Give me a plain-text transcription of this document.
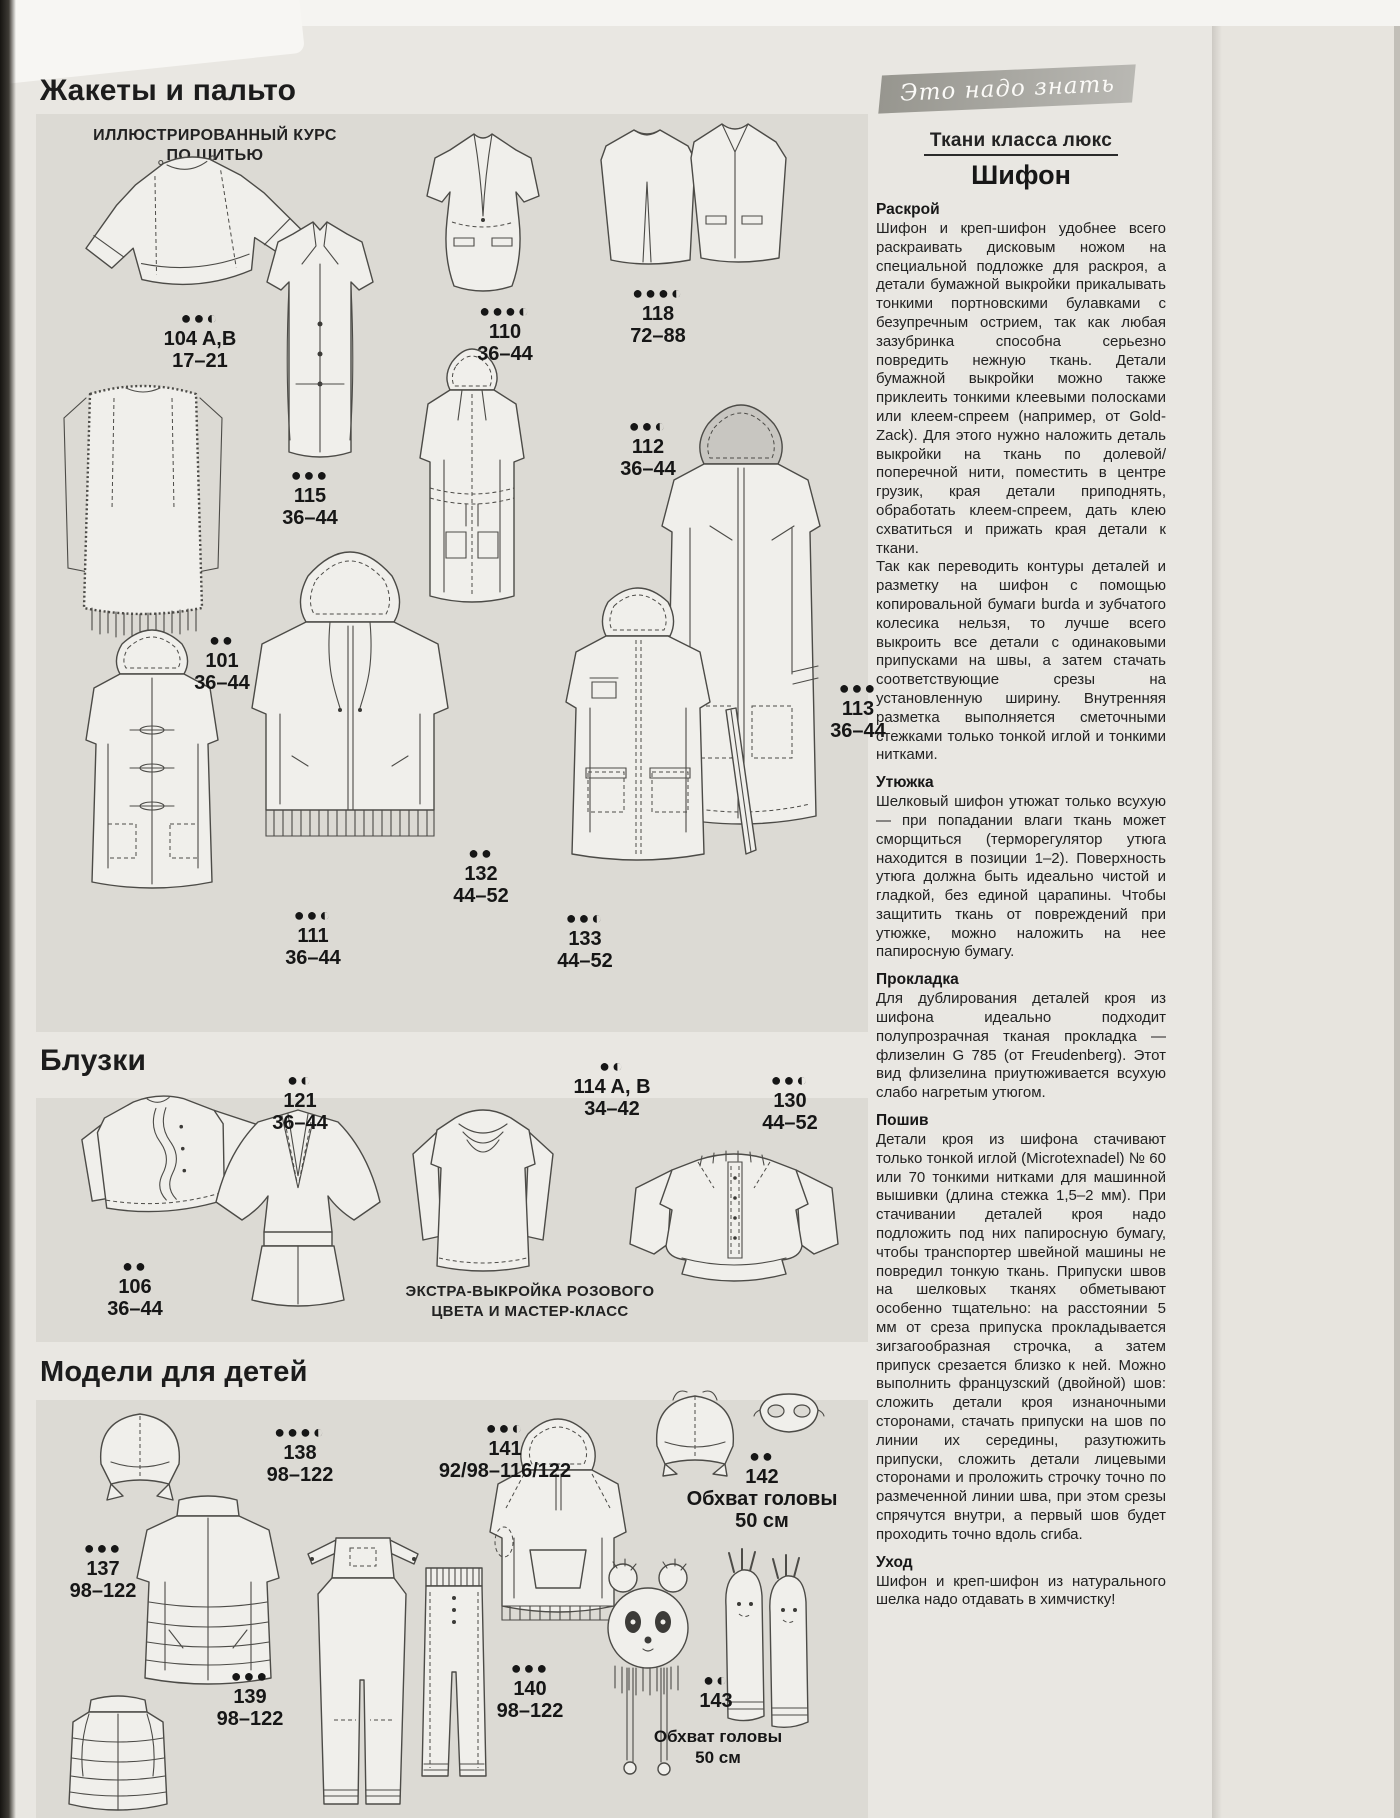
Жакеты и пальто
ИЛЛЮСТРИРОВАННЫЙ КУРС
ПО ШИТЬЮ
●●◐
104 A,B
17–21
●●●◐
110
36–44
●●●◐
118
72–88
●●●
115
36–44
●●◐
112
36–44
●●
101
36–44	●●●
113
36–44
●●
132
44–52
●●◐
111
36–44
●●◐
133
44–52
Блузки
●◐
121
36–44
●◐
114 A, B
34–42
●●◐
130
44–52
●●
106
36–44
ЭКСТРА-ВЫКРОЙКА РОЗОВОГО
ЦВЕТА И МАСТЕР-КЛАСС
Модели для детей
●●●◐
138
98–122
●●◐
141
92/98–116/122
●●
142
Обхват головы
50 см
●●●
137
98–122
●●●
139
98–122
●●●
140
98–122
●◐
143
Обхват головы
50 см
Это надо знать
Ткани класса люкс
Шифон
Раскрой

Шифон и креп-шифон удобнее всего раскраивать дисковым ножом на специальной подложке для раскроя, а детали бумажной выкройки прикалывать тонкими портновскими булавками с безупречным острием, так как любая зазубринка способна серьезно повредить нежную ткань. Детали бумажной выкройки можно также приклеить тонкими клеевыми полосками или клеем-спреем (например, от Gold-Zack). Для этого нужно наложить деталь выкройки на ткань по долевой/поперечной нити, поместить в центре грузик, края детали приподнять, обработать клеем-спреем, дать клею схватиться и прижать края детали к ткани.

Так как переводить контуры деталей и разметку на шифон с помощью копировальной бумаги burda и зубчатого колесика нельзя, то лучше всего выкроить все детали с одинаковыми припусками на швы, а затем стачать соответствующие срезы на установленную ширину. Внутренняя разметка выполняется сметочными стежками только тонкой иглой и тонкими нитками.

Утюжка

Шелковый шифон утюжат только всухую — при попадании влаги ткань может сморщиться (терморегулятор утюга находится в позиции 1–2). Поверхность утюга должна быть идеально чистой и гладкой, без единой царапины. Чтобы защитить ткань от повреждений при утюжке, можно наложить на нее папиросную бумагу.

Прокладка

Для дублирования деталей кроя из шифона идеально подходит полупрозрачная тканая прокладка — флизелин G 785 (от Freudenberg). Этот вид флизелина приутюживается всухую слабо нагретым утюгом.

Пошив

Детали кроя из шифона стачивают только тонкой иглой (Microtexnadel) № 60 или 70 тонкими нитками для машинной вышивки (длина стежка 1,5–2 мм). При стачивании деталей кроя надо подложить под них папиросную бумагу, чтобы транспортер швейной машины не повредил тонкую ткань. Припуски швов на шелковых тканях обметывают особенно тщательно: на расстоянии 5 мм от среза припуска прокладывается зигзагообразная строчка, а затем припуск срезается близко к ней. Можно выполнить французский (двойной) шов: сложить детали кроя изнаночными сторонами, стачать припуски на шов по линии их середины, разутюжить припуски, сложить детали лицевыми сторонами и проложить строчку точно по размеченной линии шва, при этом срезы спрячутся внутри, а первый шов будет проходить точно вдоль сгиба.

Уход

Шифон и креп-шифон из натурального шелка надо отдавать в химчистку!
